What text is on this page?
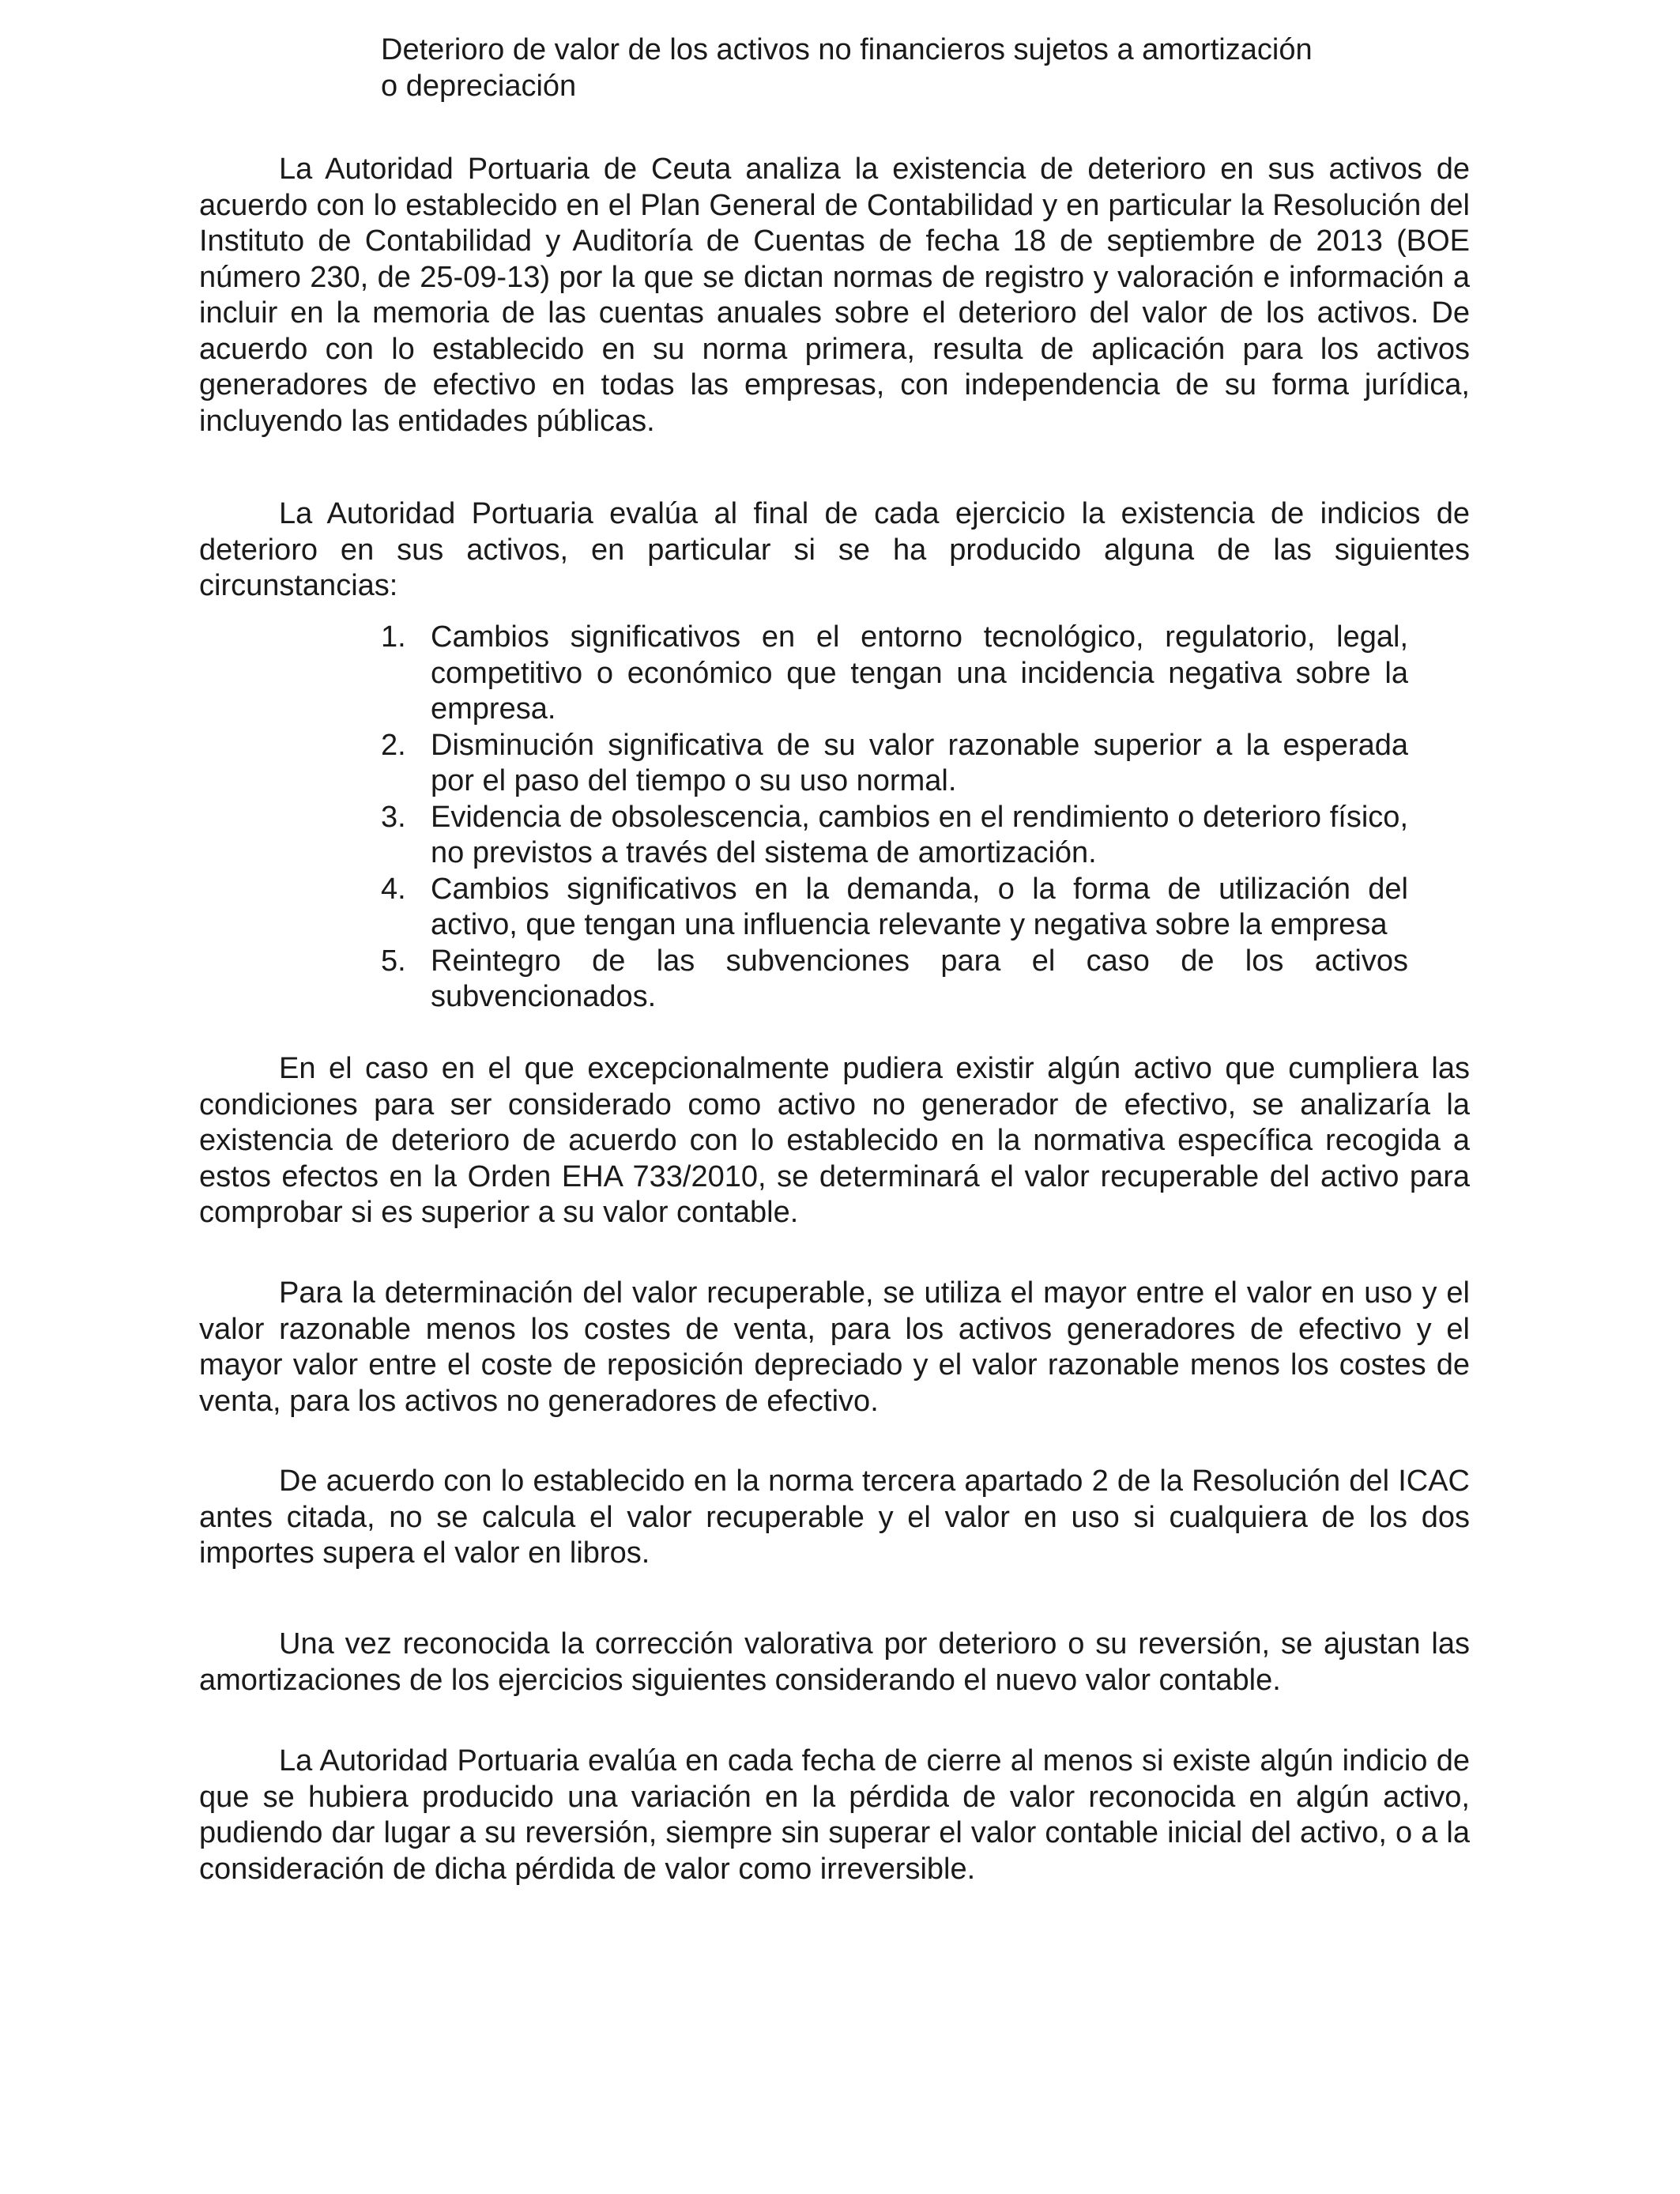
Deterioro de valor de los activos no financieros sujetos a amortización
o depreciación

La Autoridad Portuaria de Ceuta analiza la existencia de deterioro en sus activos de acuerdo con lo establecido en el Plan General de Contabilidad y en particular la Resolución del Instituto de Contabilidad y Auditoría de Cuentas de fecha 18 de septiembre de 2013 (BOE número 230, de 25-09-13) por la que se dictan normas de registro y valoración e información a incluir en la memoria de las cuentas anuales sobre el deterioro del valor de los activos. De acuerdo con lo establecido en su norma primera, resulta de aplicación para los activos generadores de efectivo en todas las empresas, con independencia de su forma jurídica, incluyendo las entidades públicas.

La Autoridad Portuaria evalúa al final de cada ejercicio la existencia de indicios de deterioro en sus activos, en particular si se ha producido alguna de las siguientes circunstancias:

1. Cambios significativos en el entorno tecnológico, regulatorio, legal, competitivo o económico que tengan una incidencia negativa sobre la empresa.
2. Disminución significativa de su valor razonable superior a la esperada por el paso del tiempo o su uso normal.
3. Evidencia de obsolescencia, cambios en el rendimiento o deterioro físico, no previstos a través del sistema de amortización.
4. Cambios significativos en la demanda, o la forma de utilización del activo, que tengan una influencia relevante y negativa sobre la empresa
5. Reintegro de las subvenciones para el caso de los activos subvencionados.

En el caso en el que excepcionalmente pudiera existir algún activo que cumpliera las condiciones para ser considerado como activo no generador de efectivo, se analizaría la existencia de deterioro de acuerdo con lo establecido en la normativa específica recogida a estos efectos en la Orden EHA 733/2010, se determinará el valor recuperable del activo para comprobar si es superior a su valor contable.

Para la determinación del valor recuperable, se utiliza el mayor entre el valor en uso y el valor razonable menos los costes de venta, para los activos generadores de efectivo y el mayor valor entre el coste de reposición depreciado y el valor razonable menos los costes de venta, para los activos no generadores de efectivo.

De acuerdo con lo establecido en la norma tercera apartado 2 de la Resolución del ICAC antes citada, no se calcula el valor recuperable y el valor en uso si cualquiera de los dos importes supera el valor en libros.

Una vez reconocida la corrección valorativa por deterioro o su reversión, se ajustan las amortizaciones de los ejercicios siguientes considerando el nuevo valor contable.

La Autoridad Portuaria evalúa en cada fecha de cierre al menos si existe algún indicio de que se hubiera producido una variación en la pérdida de valor reconocida en algún activo, pudiendo dar lugar a su reversión, siempre sin superar el valor contable inicial del activo, o a la consideración de dicha pérdida de valor como irreversible.
